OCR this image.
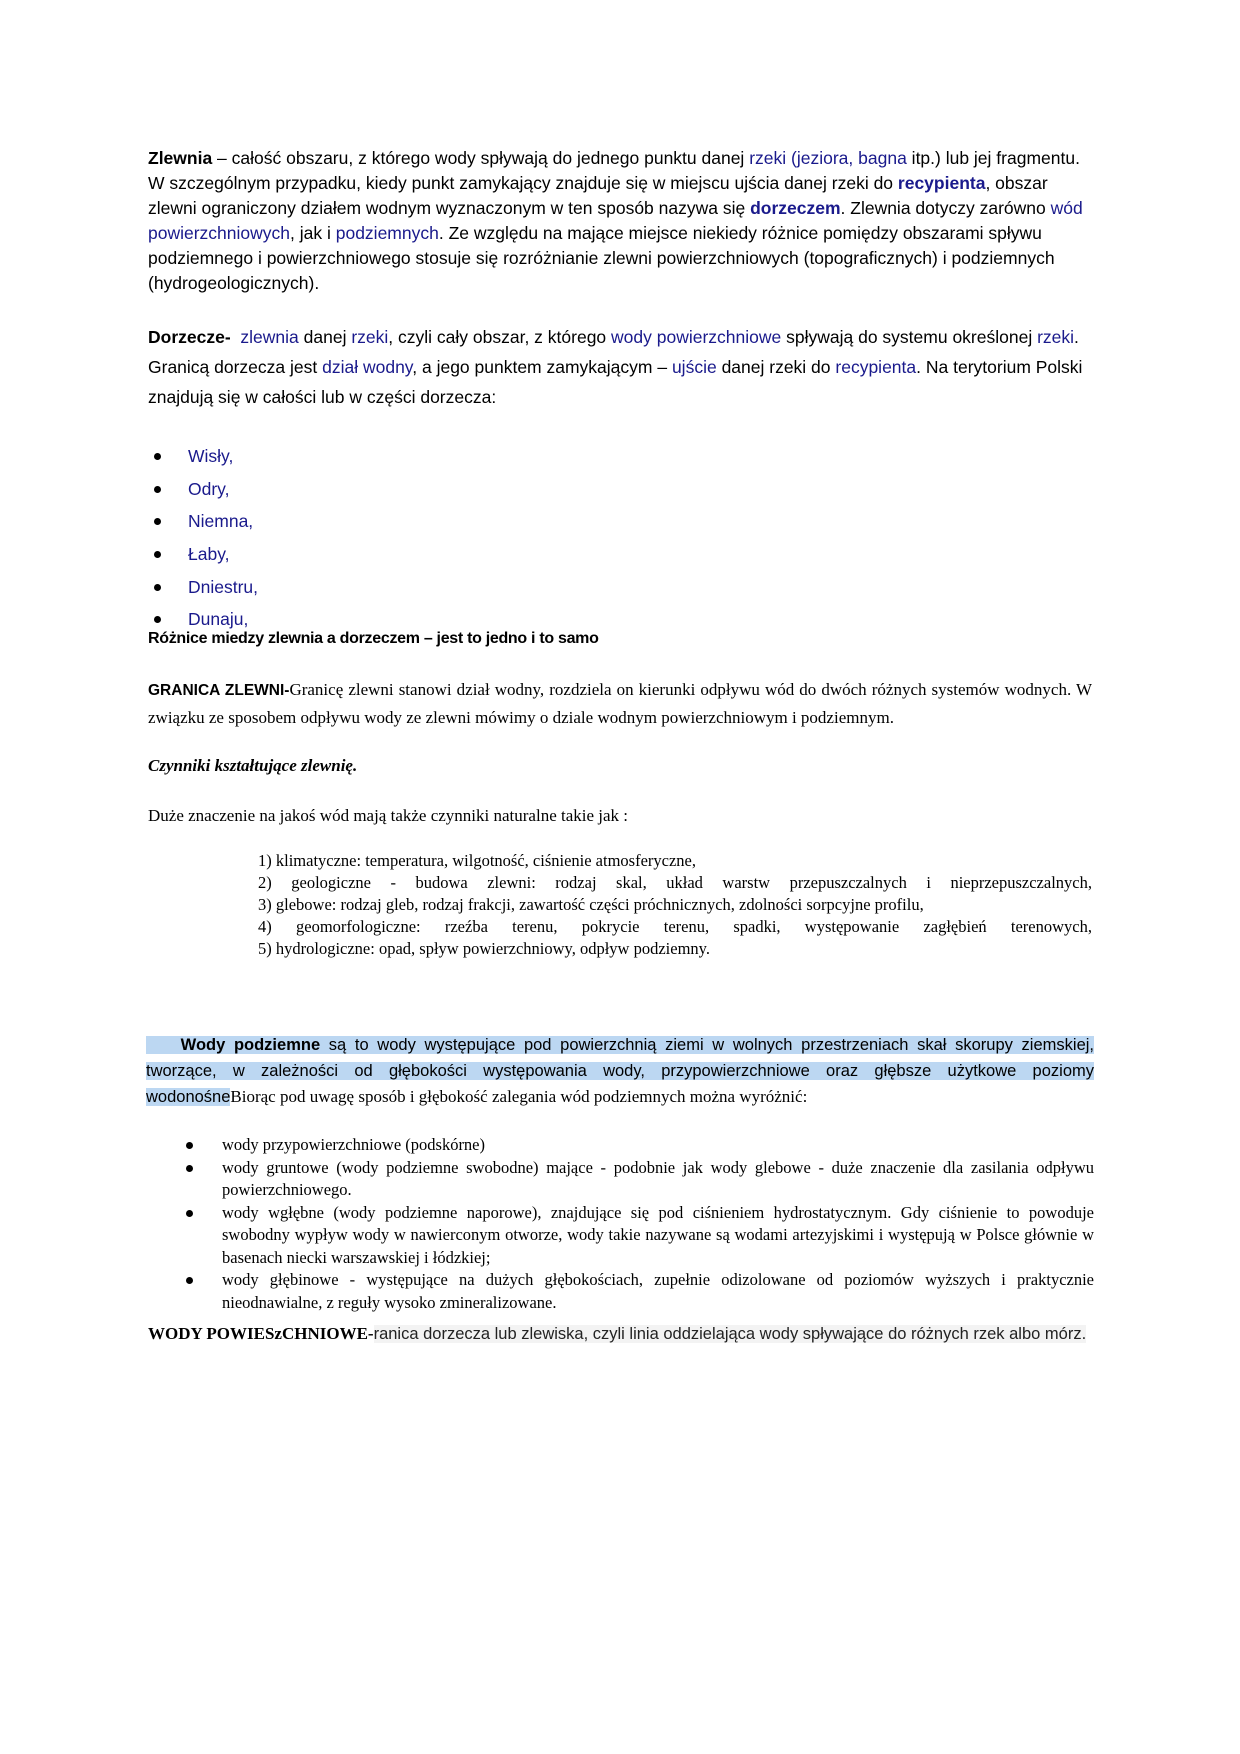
Zlewnia – całość obszaru, z którego wody spływają do jednego punktu danej rzeki (jeziora, bagna itp.) lub jej fragmentu. W szczególnym przypadku, kiedy punkt zamykający znajduje się w miejscu ujścia danej rzeki do recypienta, obszar zlewni ograniczony działem wodnym wyznaczonym w ten sposób nazywa się dorzeczem. Zlewnia dotyczy zarówno wód powierzchniowych, jak i podziemnych. Ze względu na mające miejsce niekiedy różnice pomiędzy obszarami spływu podziemnego i powierzchniowego stosuje się rozróżnianie zlewni powierzchniowych (topograficznych) i podziemnych (hydrogeologicznych).

Dorzecze- zlewnia danej rzeki, czyli cały obszar, z którego wody powierzchniowe spływają do systemu określonej rzeki. Granicą dorzecza jest dział wodny, a jego punktem zamykającym – ujście danej rzeki do recypienta. Na terytorium Polski znajdują się w całości lub w części dorzecza:

Wisły,
Odry,
Niemna,
Łaby,
Dniestru,
Dunaju,
Różnice miedzy zlewnia a dorzeczem – jest to jedno i to samo

GRANICA ZLEWNI-Granicę zlewni stanowi dział wodny, rozdziela on kierunki odpływu wód do dwóch różnych systemów wodnych. W związku ze sposobem odpływu wody ze zlewni mówimy o dziale wodnym powierzchniowym i podziemnym.

Czynniki kształtujące zlewnię.
Duże znaczenie na jakoś wód mają także czynniki naturalne takie jak :
1) klimatyczne: temperatura, wilgotność, ciśnienie atmosferyczne,
2) geologiczne - budowa zlewni: rodzaj skal, układ warstw przepuszczalnych i nieprzepuszczalnych,
3) glebowe: rodzaj gleb, rodzaj frakcji, zawartość części próchnicznych, zdolności sorpcyjne profilu,
4) geomorfologiczne: rzeźba terenu, pokrycie terenu, spadki, występowanie zagłębień terenowych,
5) hydrologiczne: opad, spływ powierzchniowy, odpływ podziemny.

Wody podziemne są to wody występujące pod powierzchnią ziemi w wolnych przestrzeniach skał skorupy ziemskiej, tworzące, w zależności od głębokości występowania wody, przypowierzchniowe oraz głębsze użytkowe poziomy wodonośneBiorąc pod uwagę sposób i głębokość zalegania wód podziemnych można wyróżnić:

wody przypowierzchniowe (podskórne)
wody gruntowe (wody podziemne swobodne) mające - podobnie jak wody glebowe - duże znaczenie dla zasilania odpływu powierzchniowego.
wody wgłębne (wody podziemne naporowe), znajdujące się pod ciśnieniem hydrostatycznym. Gdy ciśnienie to powoduje swobodny wypływ wody w nawierconym otworze, wody takie nazywane są wodami artezyjskimi i występują w Polsce głównie w basenach niecki warszawskiej i łódzkiej;
wody głębinowe - występujące na dużych głębokościach, zupełnie odizolowane od poziomów wyższych i praktycznie nieodnawialne, z reguły wysoko zmineralizowane.

WODY POWIESzCHNIOWE-ranica dorzecza lub zlewiska, czyli linia oddzielająca wody spływające do różnych rzek albo mórz.
